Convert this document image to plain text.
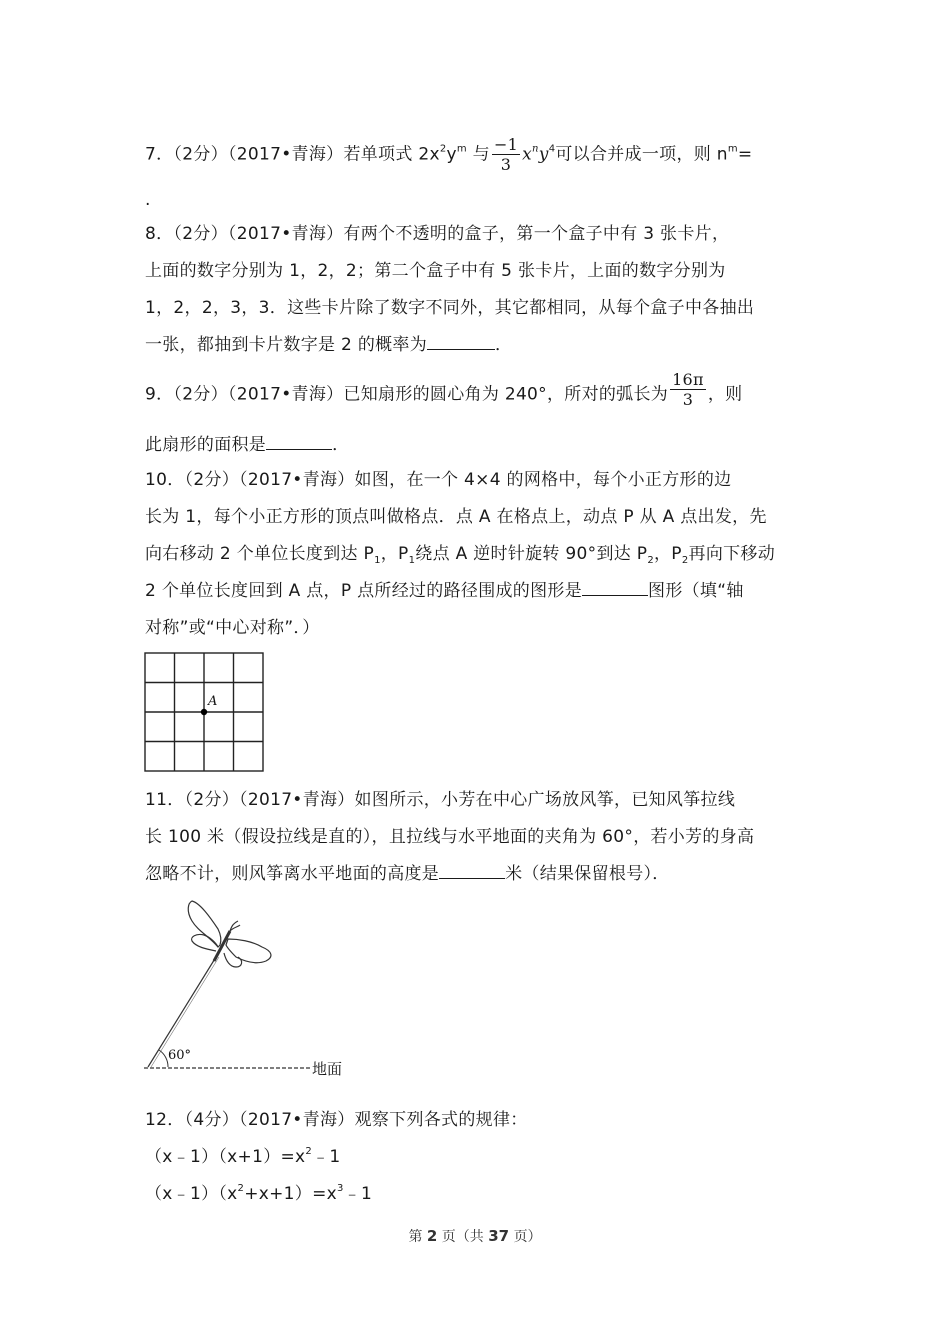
7．（2分）（2017•青海）若单项式 $2x^2y^m$ 与 $\frac{-1}{3} x^ny^4$可以合并成一项，则 $n^m=$
.
8．（2分）（2017•青海）有两个不透明的盒子，第一个盒子中有 3 张卡片，
上面的数字分别为 1，2，2；第二个盒子中有 5 张卡片，上面的数字分别为
1，2，2，3，3．这些卡片除了数字不同外，其它都相同，从每个盒子中各抽出
一张，都抽到卡片数字是 2 的概率为	．
9．（2分）（2017•青海）已知扇形的圆心角为 240°，所对的弧长为 $\frac{16\pi}{3}$ ，则
此扇形的面积是	．
10．（2分）（2017•青海）如图，在一个 4×4 的网格中，每个小正方形的边
长为 1，每个小正方形的顶点叫做格点．点 A 在格点上，动点 P 从 A 点出发，先
向右移动 2 个单位长度到达 $P_1$，$P_1$绕点 A 逆时针旋转 90°到达 $P_2$，$P_2$再向下移动
2 个单位长度回到 A 点，P 点所经过的路径围成的图形是	图形（填“轴
对称”或“中心对称”．）
A
11．（2分）（2017•青海）如图所示，小芳在中心广场放风筝，已知风筝拉线
长 100 米（假设拉线是直的），且拉线与水平地面的夹角为 60°，若小芳的身高
忽略不计，则风筝离水平地面的高度是	米（结果保留根号）．
60°
地面
12．（4分）（2017•青海）观察下列各式的规律：
$(x﹣1)(x+1)=x^2﹣1$
$(x﹣1)(x^2+x+1)=x^3﹣1$
第 2 页（共 37 页）
